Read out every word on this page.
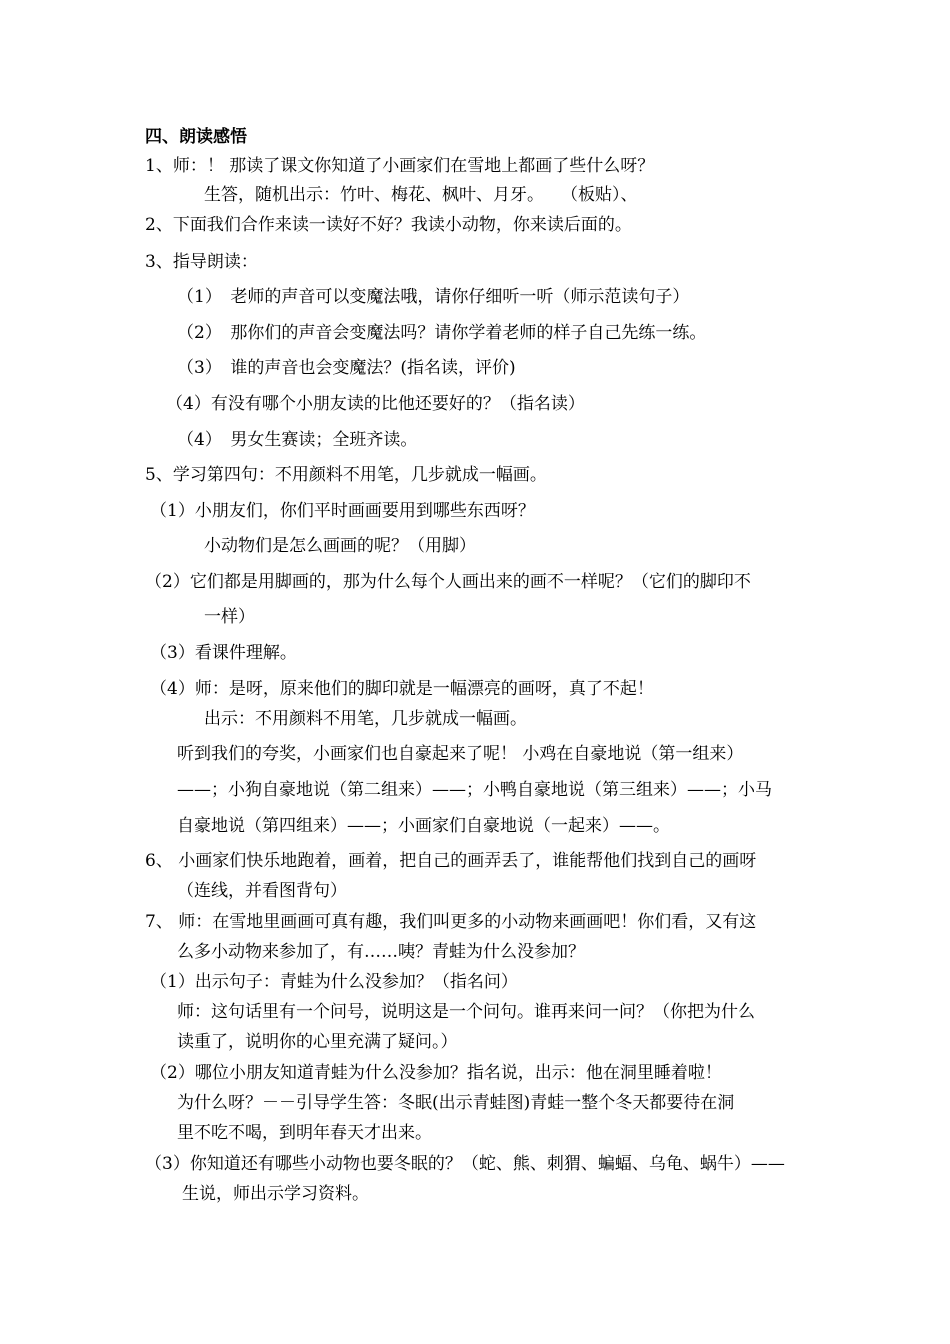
四、朗读感悟
1、师：！ 那读了课文你知道了小画家们在雪地上都画了些什么呀？
生答，随机出示：竹叶、梅花、枫叶、月牙。　　（板贴）、
2、下面我们合作来读一读好不好？我读小动物，你来读后面的。
3、指导朗读：
（1）　老师的声音可以变魔法哦，请你仔细听一听（师示范读句子）
（2）　那你们的声音会变魔法吗？请你学着老师的样子自己先练一练。
（3）　谁的声音也会变魔法？(指名读，评价)
（4）有没有哪个小朋友读的比他还要好的？（指名读）
（4）　男女生赛读；全班齐读。
5、学习第四句：不用颜料不用笔，几步就成一幅画。
（1）小朋友们，你们平时画画要用到哪些东西呀？
小动物们是怎么画画的呢？（用脚）
（2）它们都是用脚画的，那为什么每个人画出来的画不一样呢？（它们的脚印不
一样）
（3）看课件理解。
（4）师：是呀，原来他们的脚印就是一幅漂亮的画呀，真了不起！
出示：不用颜料不用笔，几步就成一幅画。
听到我们的夸奖，小画家们也自豪起来了呢！ 小鸡在自豪地说（第一组来）
——；小狗自豪地说（第二组来）——；小鸭自豪地说（第三组来）——；小马
自豪地说（第四组来）——；小画家们自豪地说（一起来）——。
6、 小画家们快乐地跑着，画着，把自己的画弄丢了，谁能帮他们找到自己的画呀
（连线，并看图背句）
7、 师：在雪地里画画可真有趣，我们叫更多的小动物来画画吧！你们看，又有这
么多小动物来参加了，有……咦？青蛙为什么没参加？
（1）出示句子：青蛙为什么没参加？（指名问）
师：这句话里有一个问号，说明这是一个问句。谁再来问一问？（你把为什么
读重了，说明你的心里充满了疑问。）
（2）哪位小朋友知道青蛙为什么没参加？指名说，出示：他在洞里睡着啦！
为什么呀？－－引导学生答：冬眠(出示青蛙图)青蛙一整个冬天都要待在洞
里不吃不喝，到明年春天才出来。
（3）你知道还有哪些小动物也要冬眠的？（蛇、熊、刺猬、蝙蝠、乌龟、蜗牛）——
生说，师出示学习资料。
